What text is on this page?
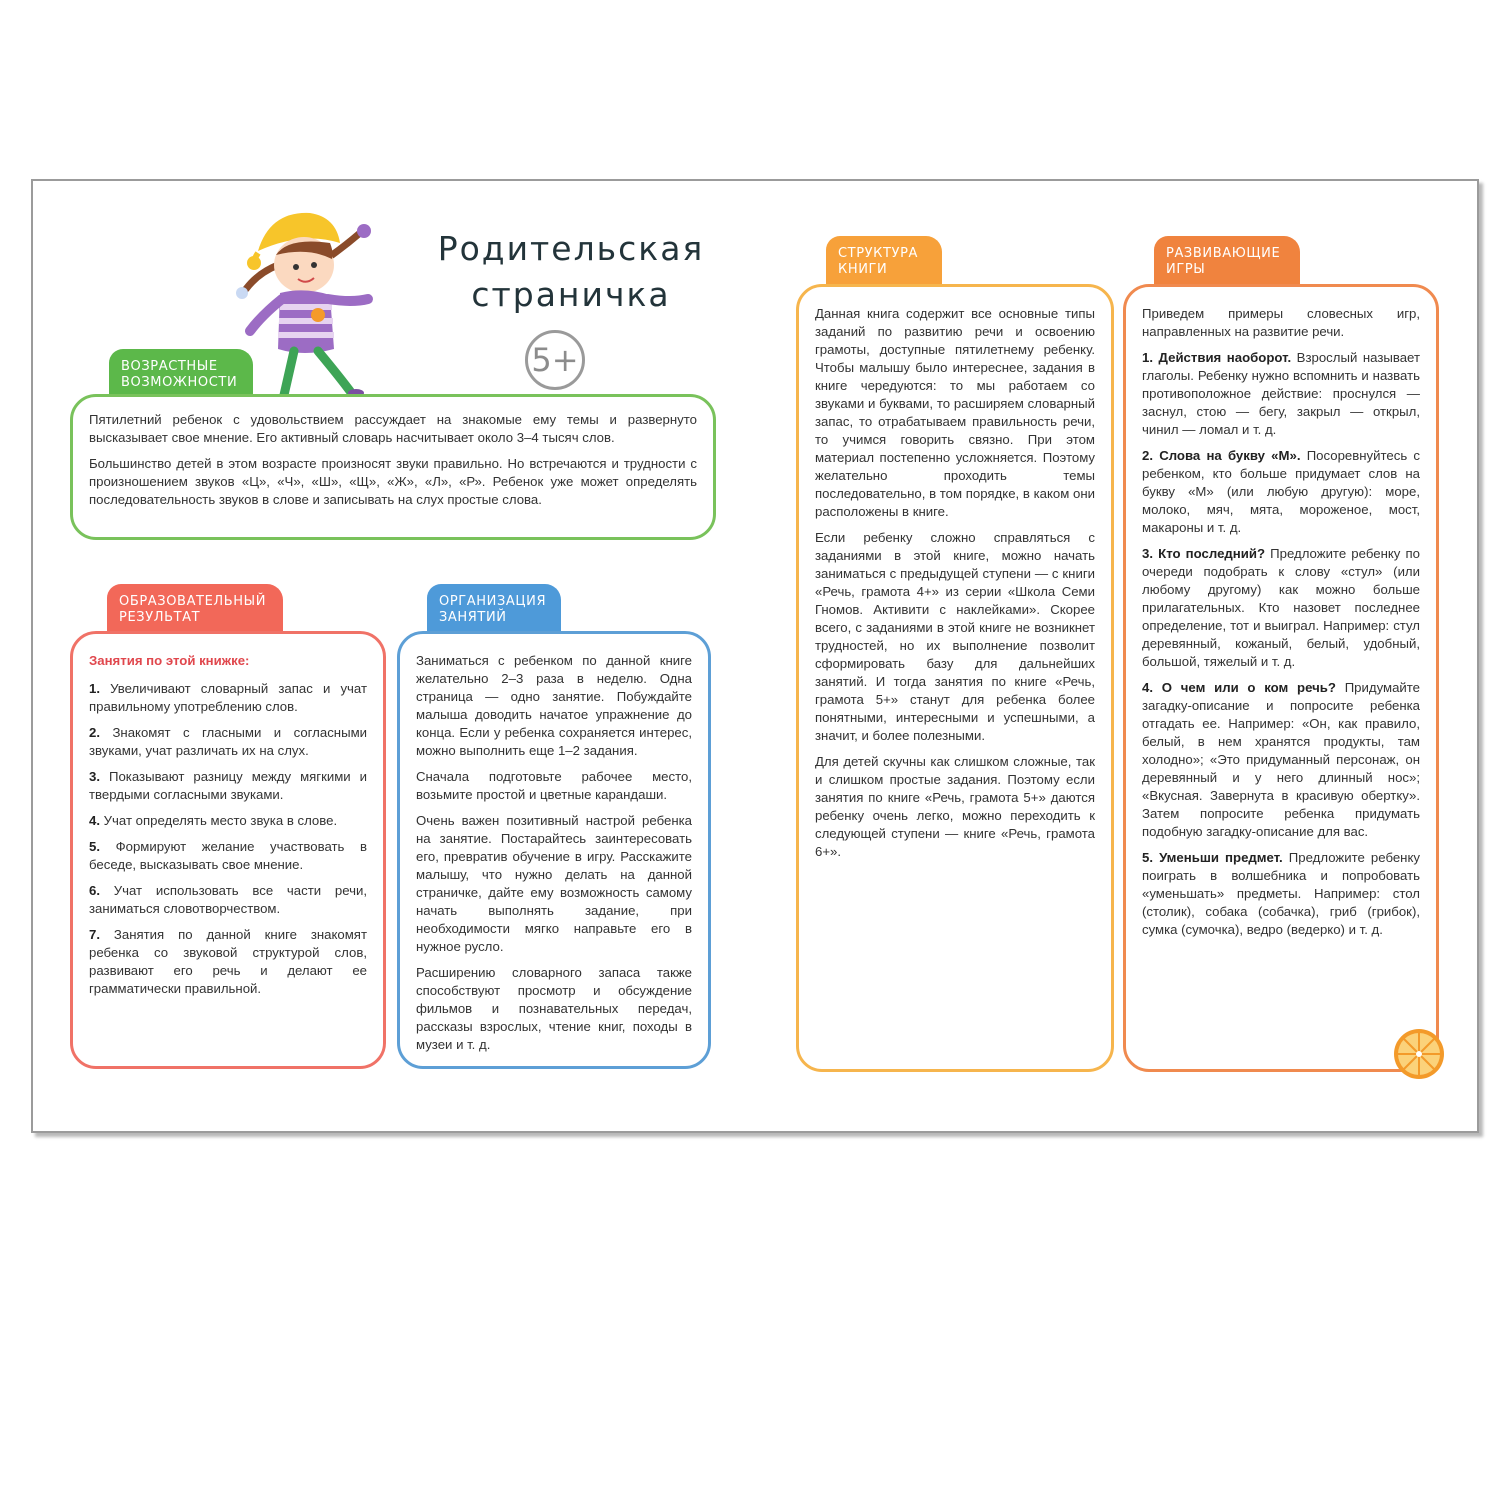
Родительская
страничка
5+
ВОЗРАСТНЫЕ
ВОЗМОЖНОСТИ

Пятилетний ребенок с удовольствием рассуждает на знакомые ему темы и развернуто высказывает свое мнение. Его активный словарь насчитывает около 3–4 тысяч слов.

Большинство детей в этом возрасте произносят звуки правильно. Но встречаются и трудности с произношением звуков «Ц», «Ч», «Ш», «Щ», «Ж», «Л», «Р». Ребенок уже может определять последовательность звуков в слове и записывать на слух простые слова.

ОБРАЗОВАТЕЛЬНЫЙ
РЕЗУЛЬТАТ

Занятия по этой книжке:

1. Увеличивают словарный запас и учат правильному употреблению слов.

2. Знакомят с гласными и согласными звуками, учат различать их на слух.

3. Показывают разницу между мягкими и твердыми согласными звуками.

4. Учат определять место звука в слове.

5. Формируют желание участвовать в беседе, высказывать свое мнение.

6. Учат использовать все части речи, заниматься словотворчеством.

7. Занятия по данной книге знакомят ребенка со звуковой структурой слов, развивают его речь и делают ее грамматически правильной.

ОРГАНИЗАЦИЯ
ЗАНЯТИЙ

Заниматься с ребенком по данной книге желательно 2–3 раза в неделю. Одна страница — одно занятие. Побуждайте малыша доводить начатое упражнение до конца. Если у ребенка сохраняется интерес, можно выполнить еще 1–2 задания.

Сначала подготовьте рабочее место, возьмите простой и цветные карандаши.

Очень важен позитивный настрой ребенка на занятие. Постарайтесь заинтересовать его, превратив обучение в игру. Расскажите малышу, что нужно делать на данной страничке, дайте ему возможность самому начать выполнять задание, при необходимости мягко направьте его в нужное русло.

Расширению словарного запаса также способствуют просмотр и обсуждение фильмов и познавательных передач, рассказы взрослых, чтение книг, походы в музеи и т. д.

СТРУКТУРА
КНИГИ

Данная книга содержит все основные типы заданий по развитию речи и освоению грамоты, доступные пятилетнему ребенку. Чтобы малышу было интереснее, задания в книге чередуются: то мы работаем со звуками и буквами, то расширяем словарный запас, то отрабатываем правильность речи, то учимся говорить связно. При этом материал постепенно усложняется. Поэтому желательно проходить темы последовательно, в том порядке, в каком они расположены в книге.

Если ребенку сложно справляться с заданиями в этой книге, можно начать заниматься с предыдущей ступени — с книги «Речь, грамота 4+» из серии «Школа Семи Гномов. Активити с наклейками». Скорее всего, с заданиями в этой книге не возникнет трудностей, но их выполнение позволит сформировать базу для дальнейших занятий. И тогда занятия по книге «Речь, грамота 5+» станут для ребенка более понятными, интересными и успешными, а значит, и более полезными.

Для детей скучны как слишком сложные, так и слишком простые задания. Поэтому если занятия по книге «Речь, грамота 5+» даются ребенку очень легко, можно переходить к следующей ступени — книге «Речь, грамота 6+».

РАЗВИВАЮЩИЕ
ИГРЫ

Приведем примеры словесных игр, направленных на развитие речи.

1. Действия наоборот. Взрослый называет глаголы. Ребенку нужно вспомнить и назвать противоположное действие: проснулся — заснул, стою — бегу, закрыл — открыл, чинил — ломал и т. д.

2. Слова на букву «М». Посоревнуйтесь с ребенком, кто больше придумает слов на букву «М» (или любую другую): море, молоко, мяч, мята, мороженое, мост, макароны и т. д.

3. Кто последний? Предложите ребенку по очереди подобрать к слову «стул» (или любому другому) как можно больше прилагательных. Кто назовет последнее определение, тот и выиграл. Например: стул деревянный, кожаный, белый, удобный, большой, тяжелый и т. д.

4. О чем или о ком речь? Придумайте загадку-описание и попросите ребенка отгадать ее. Например: «Он, как правило, белый, в нем хранятся продукты, там холодно»; «Это придуманный персонаж, он деревянный и у него длинный нос»; «Вкусная. Завернута в красивую обертку». Затем попросите ребенка придумать подобную загадку-описание для вас.

5. Уменьши предмет. Предложите ребенку поиграть в волшебника и попробовать «уменьшать» предметы. Например: стол (столик), собака (собачка), гриб (грибок), сумка (сумочка), ведро (ведерко) и т. д.
